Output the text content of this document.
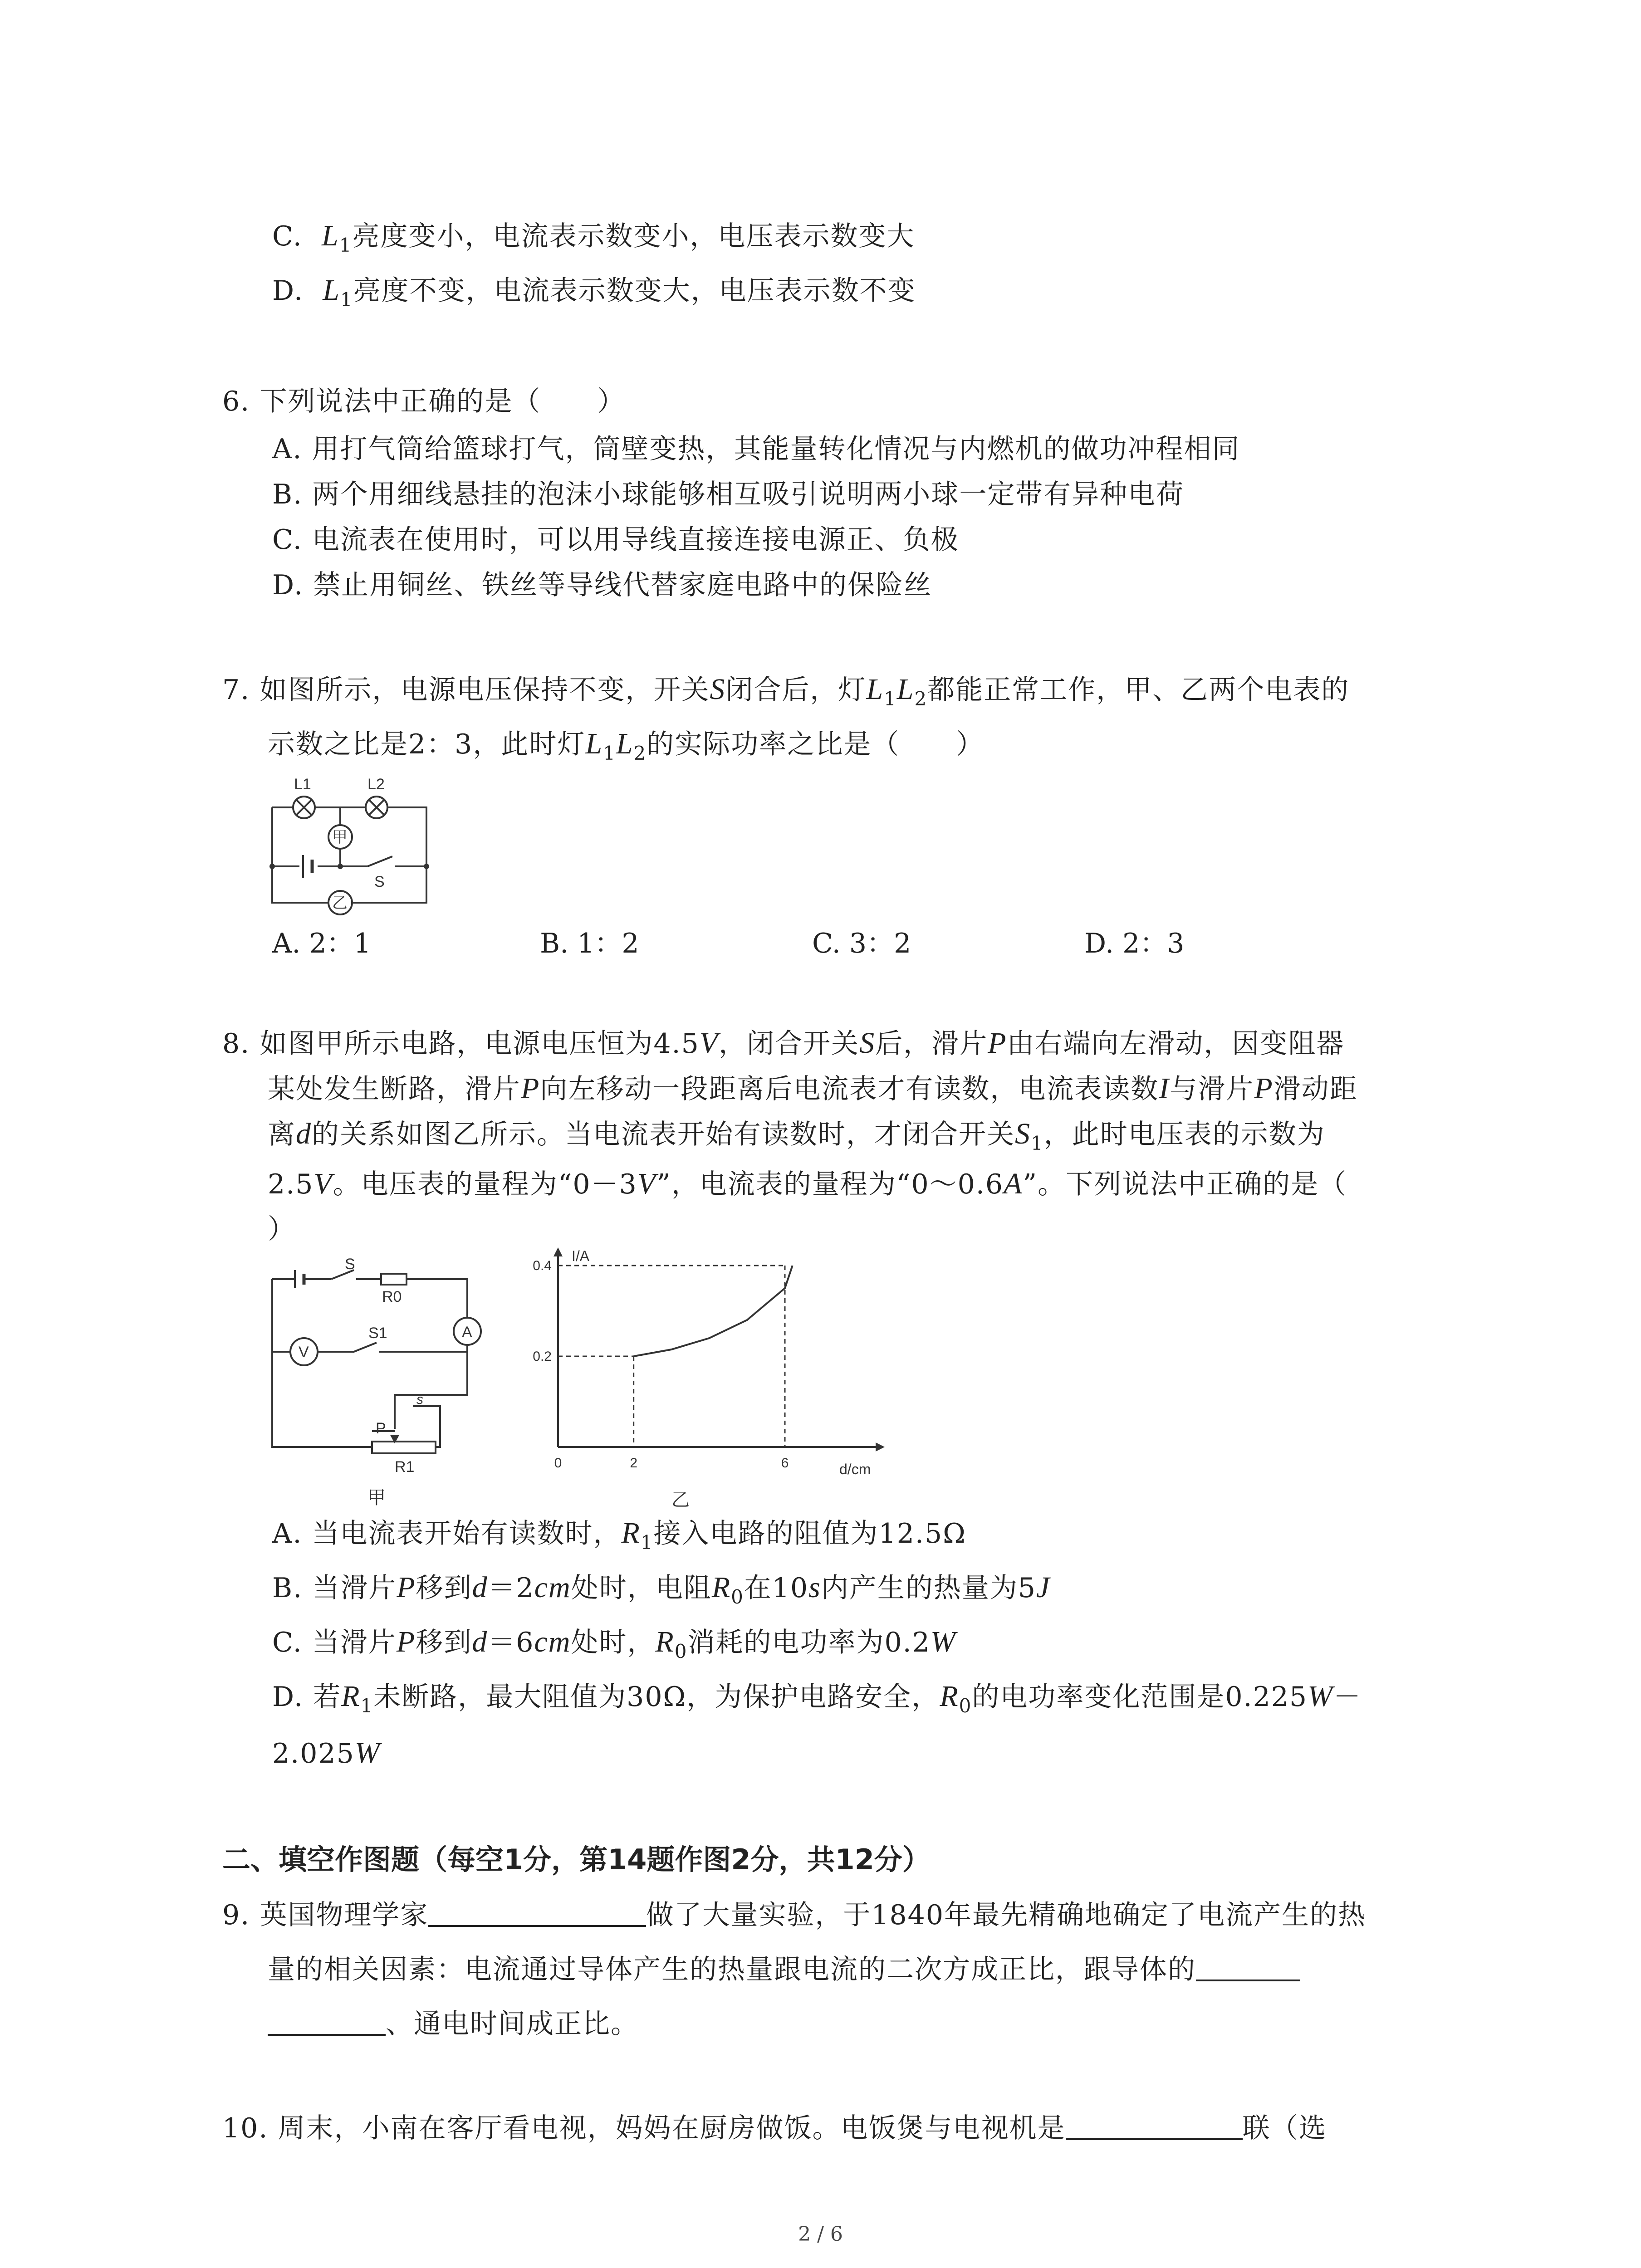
C. $L_1$亮度变小，电流表示数变小，电压表示数变大
D. $L_1$亮度不变，电流表示数变大，电压表示数不变
6. 下列说法中正确的是（　　）
A. 用打气筒给篮球打气，筒壁变热，其能量转化情况与内燃机的做功冲程相同
B. 两个用细线悬挂的泡沫小球能够相互吸引说明两小球一定带有异种电荷
C. 电流表在使用时，可以用导线直接连接电源正、负极
D. 禁止用铜丝、铁丝等导线代替家庭电路中的保险丝
7. 如图所示，电源电压保持不变，开关S闭合后，灯$L_1L_2$都能正常工作，甲、乙两个电表的
示数之比是2：3，此时灯$L_1L_2$的实际功率之比是（　　）
L1	L2
甲
乙
S
A. 2：1	B. 1：2	C. 3：2	D. 2：3
8. 如图甲所示电路，电源电压恒为4.5V，闭合开关S后，滑片P由右端向左滑动，因变阻器
某处发生断路，滑片P向左移动一段距离后电流表才有读数，电流表读数I与滑片P滑动距
离d的关系如图乙所示。当电流表开始有读数时，才闭合开关$S_1$，此时电压表的示数为
2.5V。电压表的量程为“0－3V”，电流表的量程为“0～0.6A”。下列说法中正确的是（
）
S
R0
A
V
S1
s
P
R1
甲
I/A
d/cm
0	2	6
0.2
0.4
乙
A. 当电流表开始有读数时，$R_1$接入电路的阻值为12.5Ω
B. 当滑片P移到d＝2cm处时，电阻$R_0$在10s内产生的热量为5J
C. 当滑片P移到d＝6cm处时，$R_0$消耗的电功率为0.2W
D. 若$R_1$未断路，最大阻值为30Ω，为保护电路安全，$R_0$的电功率变化范围是0.225W－
2.025W
二、填空作图题（每空1分，第14题作图2分，共12分）
9. 英国物理学家	做了大量实验，于1840年最先精确地确定了电流产生的热
量的相关因素：电流通过导体产生的热量跟电流的二次方成正比，跟导体的
、通电时间成正比。
10. 周末，小南在客厅看电视，妈妈在厨房做饭。电饭煲与电视机是	联（选
2 / 6
